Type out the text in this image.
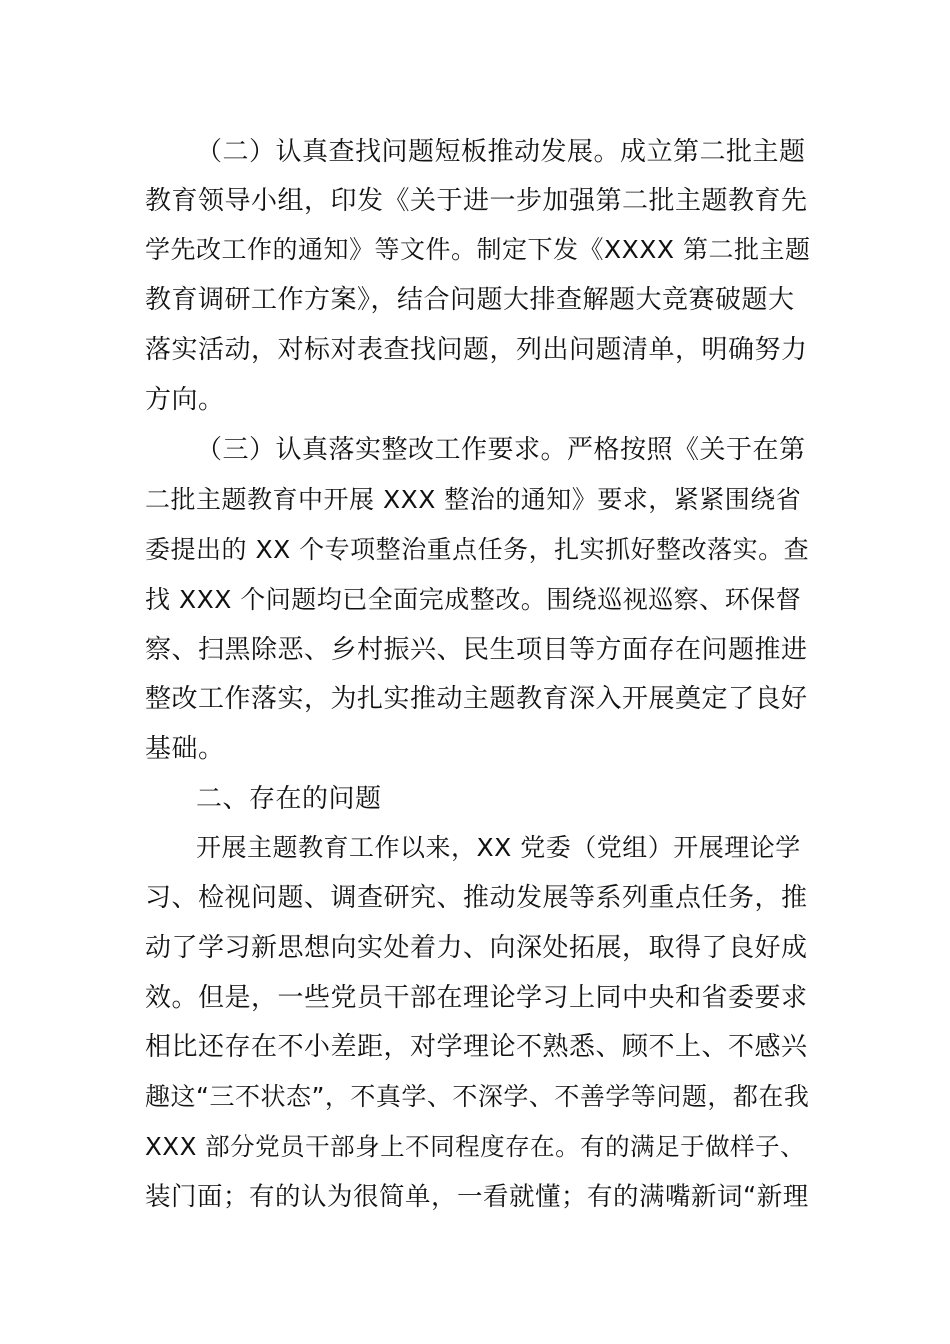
（二）认真查找问题短板推动发展。成立第二批主题
教育领导小组，印发《关于进一步加强第二批主题教育先
学先改工作的通知》等文件。制定下发《XXXX 第二批主题
教育调研工作方案》，结合问题大排查解题大竞赛破题大
落实活动，对标对表查找问题，列出问题清单，明确努力
方向。
（三）认真落实整改工作要求。严格按照《关于在第
二批主题教育中开展 XXX 整治的通知》要求，紧紧围绕省
委提出的 XX 个专项整治重点任务，扎实抓好整改落实。查
找 XXX 个问题均已全面完成整改。围绕巡视巡察、环保督
察、扫黑除恶、乡村振兴、民生项目等方面存在问题推进
整改工作落实，为扎实推动主题教育深入开展奠定了良好
基础。
二、存在的问题
开展主题教育工作以来，XX 党委（党组）开展理论学
习、检视问题、调查研究、推动发展等系列重点任务，推
动了学习新思想向实处着力、向深处拓展，取得了良好成
效。但是，一些党员干部在理论学习上同中央和省委要求
相比还存在不小差距，对学理论不熟悉、顾不上、不感兴
趣这“三不状态”，不真学、不深学、不善学等问题，都在我
XXX 部分党员干部身上不同程度存在。有的满足于做样子、
装门面；有的认为很简单，一看就懂；有的满嘴新词“新理
